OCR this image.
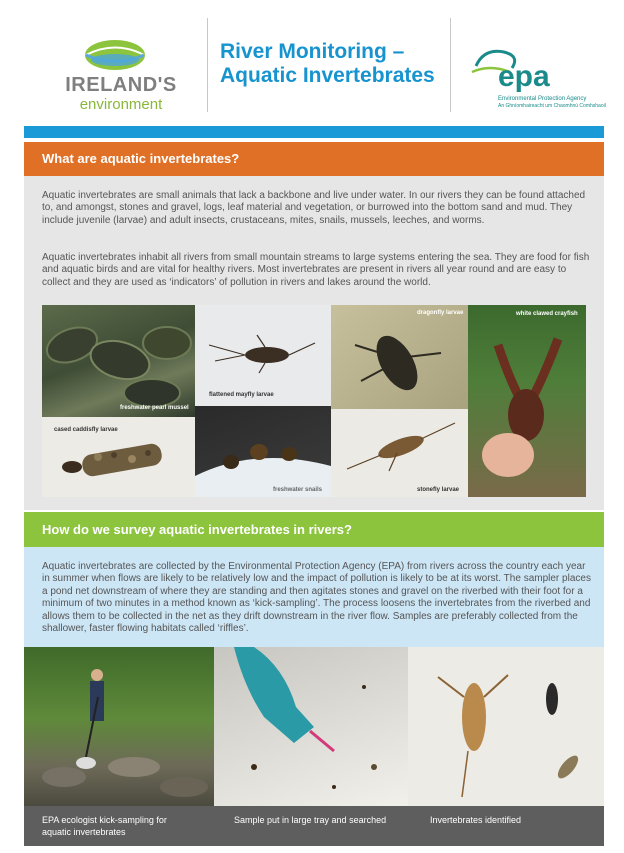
IRELAND'S
environment
River Monitoring – Aquatic Invertebrates epa
Environmental Protection Agency
An Ghníomhaireacht um Chaomhnú Comhshaoil
What are aquatic invertebrates?
Aquatic invertebrates are small animals that lack a backbone and live under water. In our rivers they can be found attached to, and amongst, stones and gravel, logs, leaf material and vegetation, or burrowed into the bottom sand and mud. They include juvenile (larvae) and adult insects, crustaceans, mites, snails, mussels, leeches, and worms.
Aquatic invertebrates inhabit all rivers from small mountain streams to large systems entering the sea. They are food for fish and aquatic birds and are vital for healthy rivers. Most invertebrates are present in rivers all year round and are easy to collect and they are used as ‘indicators’ of pollution in rivers and lakes around the world.
freshwater pearl mussel
flattened mayfly larvae
dragonfly larvae	white clawed crayfish
cased caddisfly larvae
freshwater snails	stonefly larvae
How do we survey aquatic invertebrates in rivers?
Aquatic invertebrates are collected by the Environmental Protection Agency (EPA) from rivers across the country each year in summer when flows are likely to be relatively low and the impact of pollution is likely to be at its worst. The sampler places a pond net downstream of where they are standing and then agitates stones and gravel on the riverbed with their foot for a minimum of two minutes in a method known as ‘kick-sampling’. The process loosens the invertebrates from the riverbed and allows them to be collected in the net as they drift downstream in the river flow. Samples are preferably collected from the shallower, faster flowing habitats called ‘riffles’.
EPA ecologist kick-sampling for aquatic invertebrates
Sample put in large tray and searched	Invertebrates identified
